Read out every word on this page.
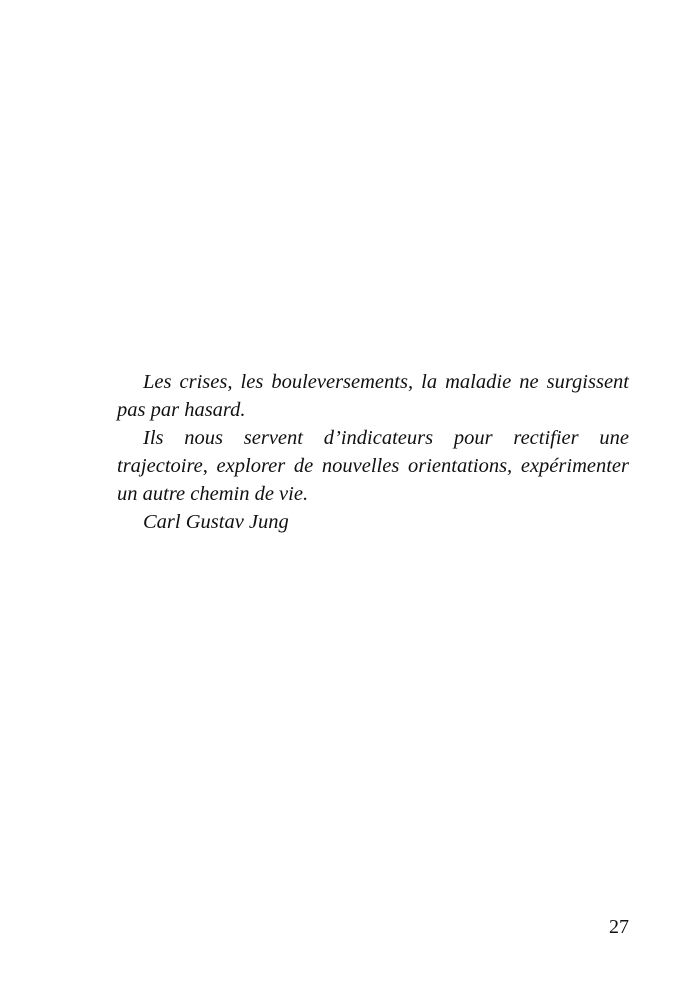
Les crises, les bouleversements, la maladie ne surgissent pas par hasard.

Ils nous servent d’indicateurs pour rectifier une trajectoire, explorer de nouvelles orientations, expérimenter un autre chemin de vie.

Carl Gustav Jung

27
